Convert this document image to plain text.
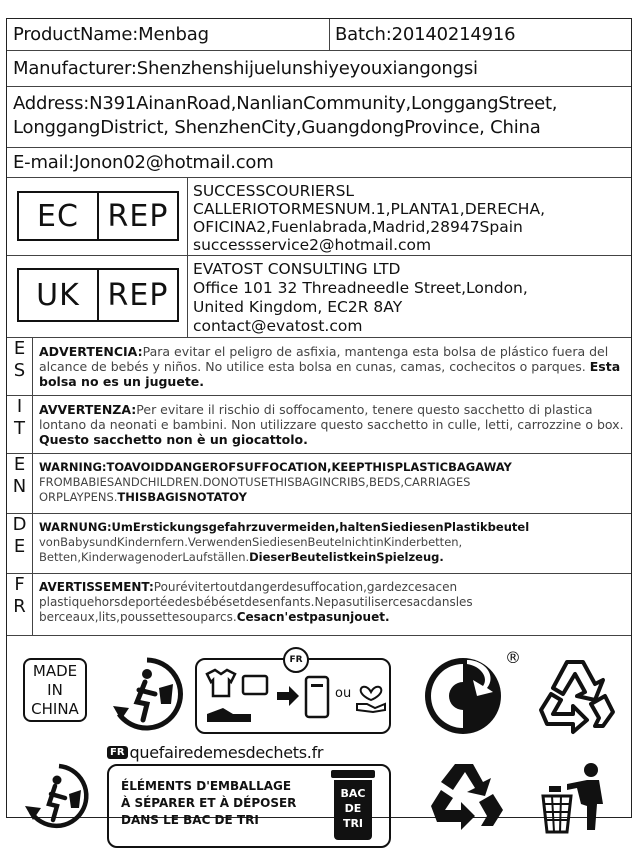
ProductName:Menbag	Batch:20140214916
Manufacturer:Shenzhenshijuelunshiyeyouxiangongsi
Address:N391AinanRoad,NanlianCommunity,LonggangStreet,
LonggangDistrict, ShenzhenCity,GuangdongProvince, China
E-mail:Jonon02@hotmail.com
EC REP
SUCCESSCOURIERSL
CALLERIOTORMESNUM.1,PLANTA1,DERECHA,
OFICINA2,Fuenlabrada,Madrid,28947Spain
successservice2@hotmail.com
UK REP
EVATOST CONSULTING LTD
Office 101 32 Threadneedle Street,London,
United Kingdom, EC2R 8AY
contact@evatost.com
E
S
ADVERTENCIA:Para evitar el peligro de asfixia, mantenga esta bolsa de plástico fuera del alcance de bebés y niños. No utilice esta bolsa en cunas, camas, cochecitos o parques. Esta bolsa no es un juguete.
I
T
AVVERTENZA:Per evitare il rischio di soffocamento, tenere questo sacchetto di plastica lontano da neonati e bambini. Non utilizzare questo sacchetto in culle, letti, carrozzine o box. Questo sacchetto non è un giocattolo.
E
N
WARNING:TOAVOIDDANGEROFSUFFOCATION,KEEPTHISPLASTICBAGAWAY FROMBABIESANDCHILDREN.DONOTUSETHISBAGINCRIBS,BEDS,CARRIAGES ORPLAYPENS.THISBAGISNOTATOY
D
E
WARNUNG:UmErstickungsgefahrzuvermeiden,haltenSiediesenPlastikbeutel vonBabysundKindernfern.VerwendenSiediesenBeutelnichtinKinderbetten, Betten,KinderwagenoderLaufställen.DieserBeutelistkeinSpielzeug.
F
R
AVERTISSEMENT:Pourévitertoutdangerdesuffocation,gardezcesacen plastiquehorsdeportéedesbébésetdesenfants.Nepasutilisercesacdansles berceaux,lits,poussettesouparcs.Cesacn'estpasunjouet.
MADE
IN
CHINA
FR
ou
®
FR quefairedemesdechets.fr
ÉLÉMENTS D'EMBALLAGE
À SÉPARER ET À DÉPOSER
DANS LE BAC DE TRI
BAC
DE
TRI
